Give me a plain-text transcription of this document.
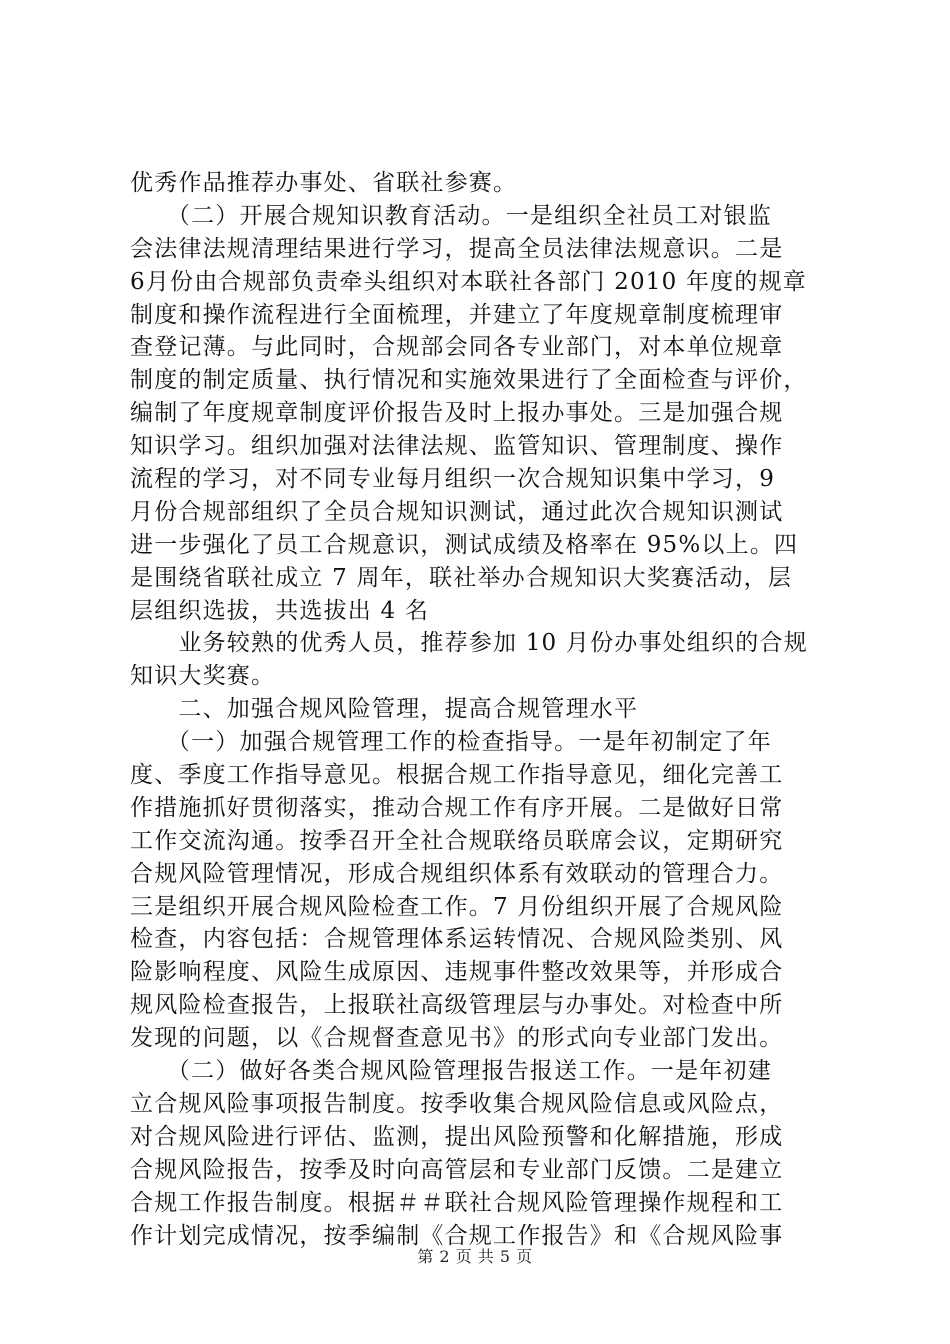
优秀作品推荐办事处、省联社参赛。
　　（二）开展合规知识教育活动。一是组织全社员工对银监
会法律法规清理结果进行学习，提高全员法律法规意识。二是
6月份由合规部负责牵头组织对本联社各部门 2010 年度的规章
制度和操作流程进行全面梳理，并建立了年度规章制度梳理审
查登记薄。与此同时，合规部会同各专业部门，对本单位规章
制度的制定质量、执行情况和实施效果进行了全面检查与评价，
编制了年度规章制度评价报告及时上报办事处。三是加强合规
知识学习。组织加强对法律法规、监管知识、管理制度、操作
流程的学习，对不同专业每月组织一次合规知识集中学习，9
月份合规部组织了全员合规知识测试，通过此次合规知识测试
进一步强化了员工合规意识，测试成绩及格率在 95%以上。四
是围绕省联社成立 7 周年，联社举办合规知识大奖赛活动，层
层组织选拔，共选拔出 4 名
　　业务较熟的优秀人员，推荐参加 10 月份办事处组织的合规
知识大奖赛。
　　二、加强合规风险管理，提高合规管理水平
　　（一）加强合规管理工作的检查指导。一是年初制定了年
度、季度工作指导意见。根据合规工作指导意见，细化完善工
作措施抓好贯彻落实，推动合规工作有序开展。二是做好日常
工作交流沟通。按季召开全社合规联络员联席会议，定期研究
合规风险管理情况，形成合规组织体系有效联动的管理合力。
三是组织开展合规风险检查工作。7 月份组织开展了合规风险
检查，内容包括：合规管理体系运转情况、合规风险类别、风
险影响程度、风险生成原因、违规事件整改效果等，并形成合
规风险检查报告，上报联社高级管理层与办事处。对检查中所
发现的问题，以《合规督查意见书》的形式向专业部门发出。
　　（二）做好各类合规风险管理报告报送工作。一是年初建
立合规风险事项报告制度。按季收集合规风险信息或风险点，
对合规风险进行评估、监测，提出风险预警和化解措施，形成
合规风险报告，按季及时向高管层和专业部门反馈。二是建立
合规工作报告制度。根据＃＃联社合规风险管理操作规程和工
作计划完成情况，按季编制《合规工作报告》和《合规风险事
第 2 页 共 5 页
